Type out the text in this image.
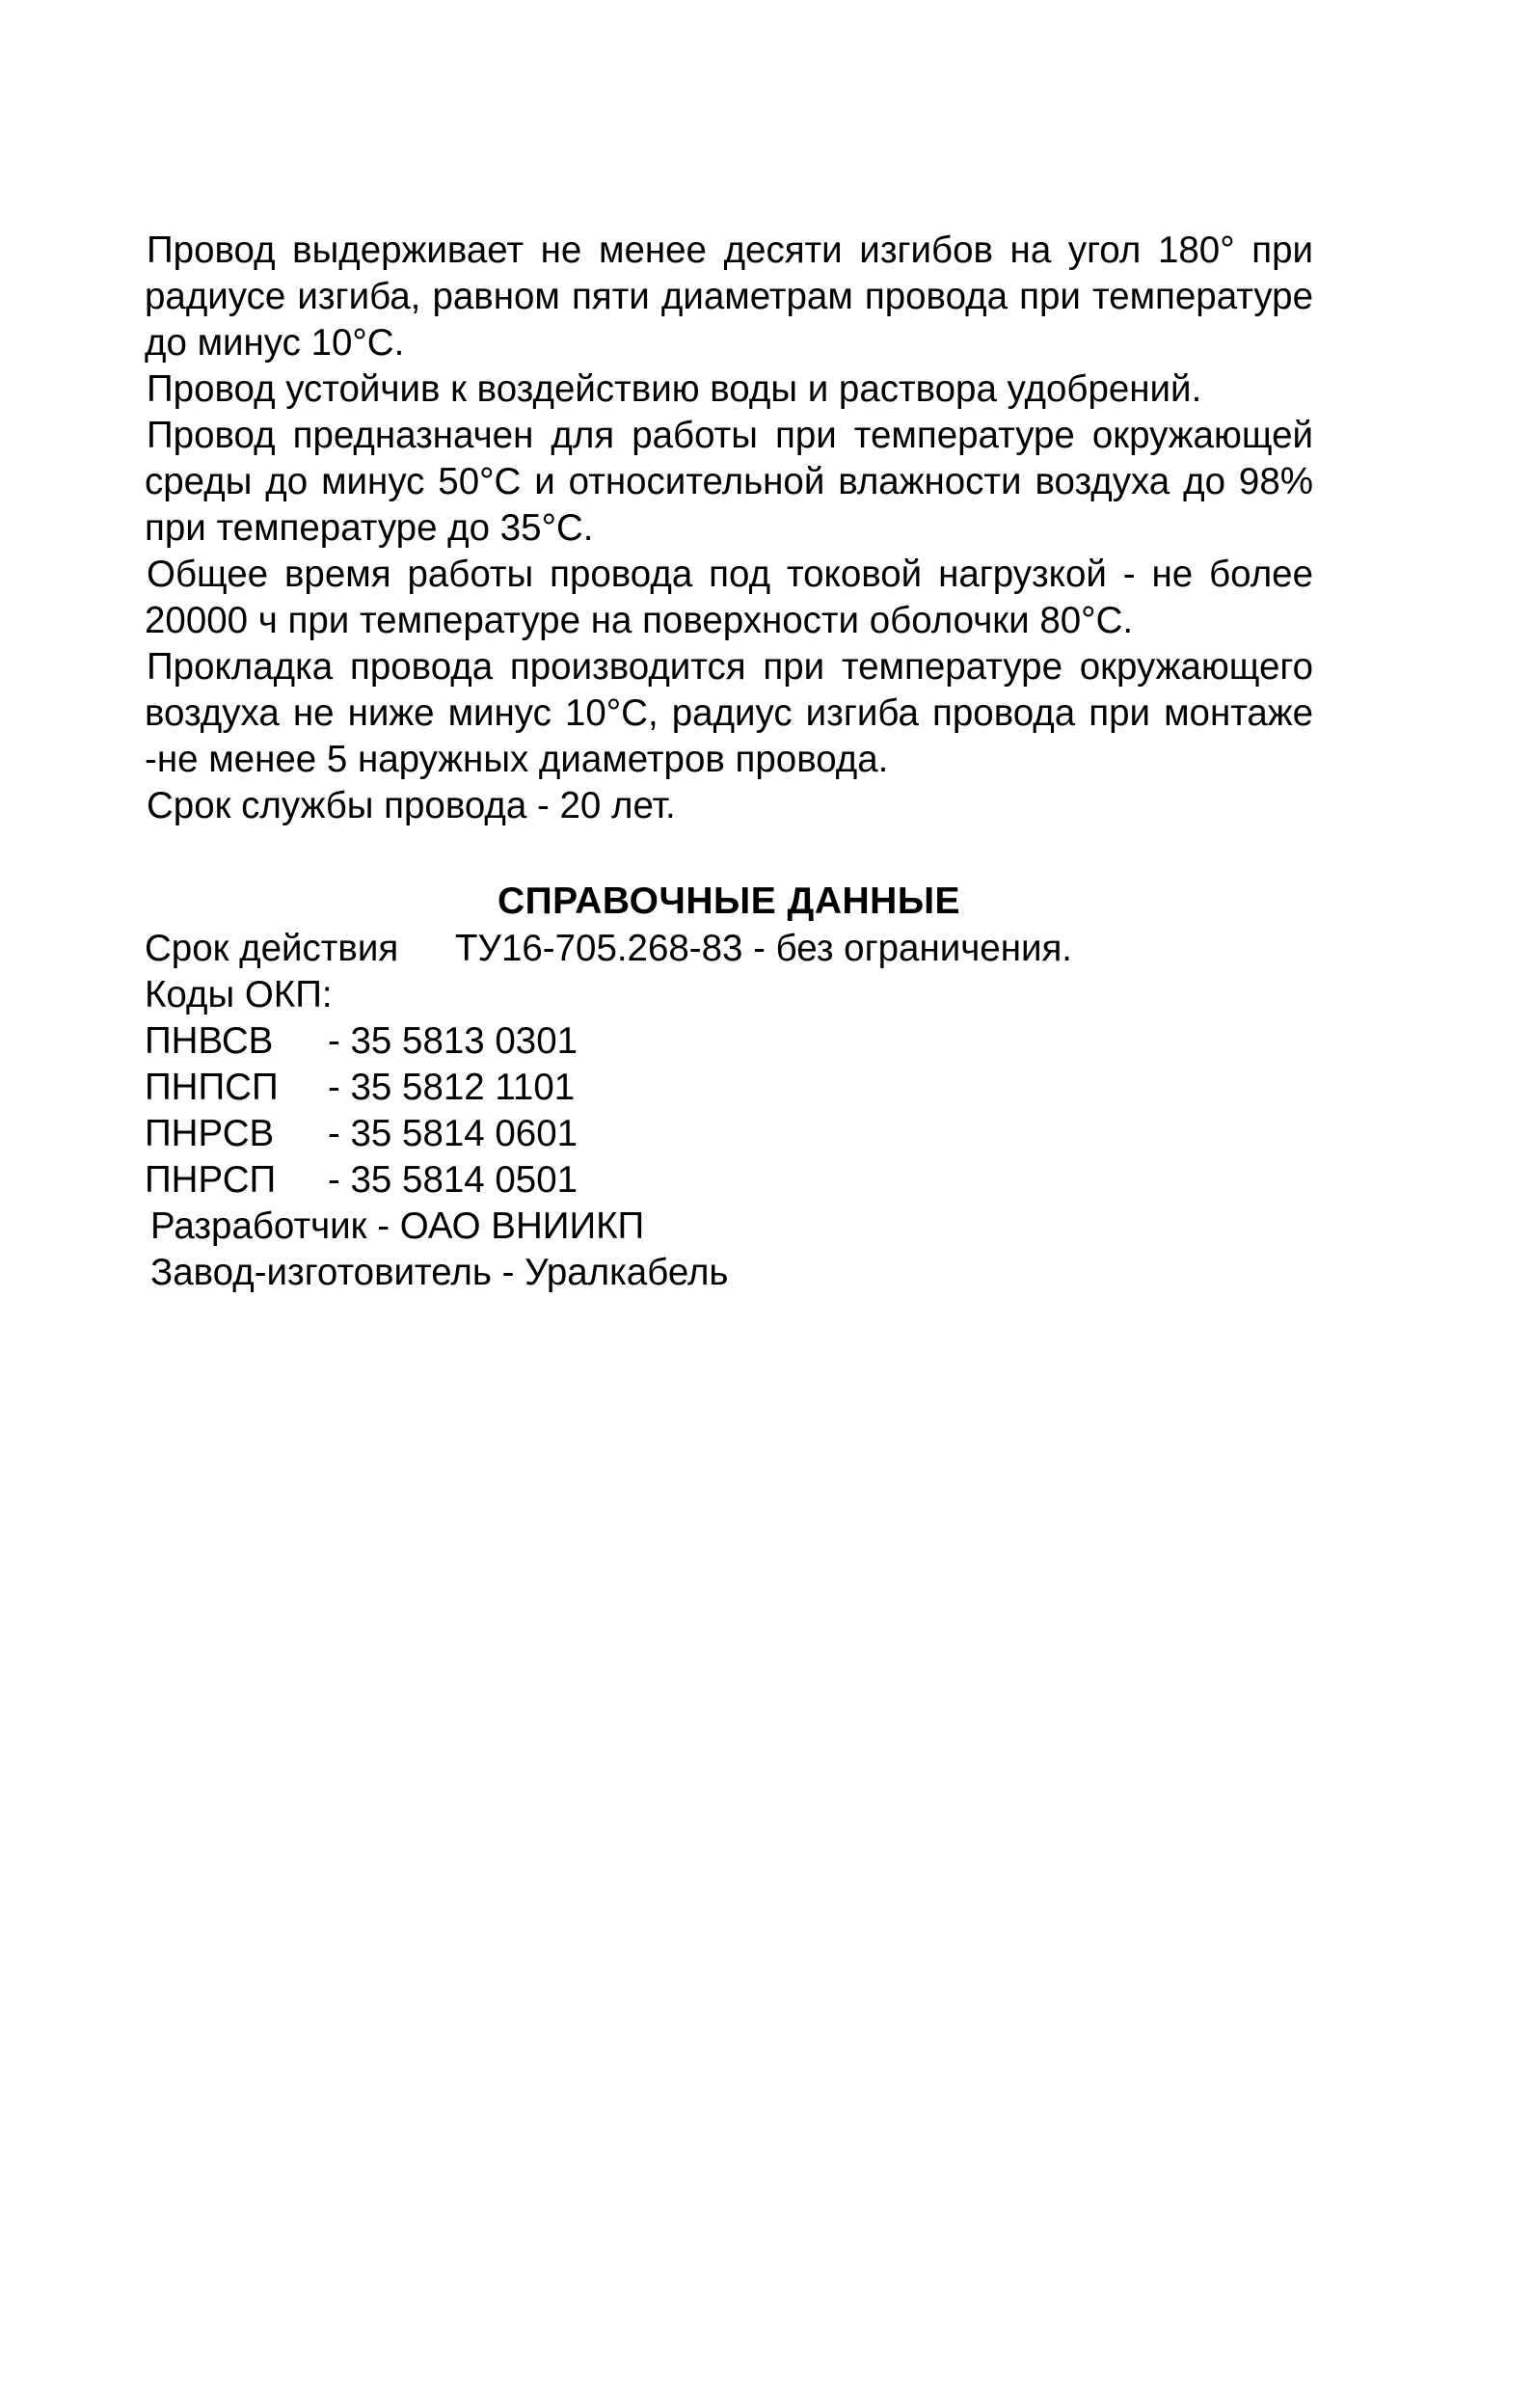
Провод выдерживает не менее десяти изгибов на угол 180° при радиусе изгиба, равном пяти диаметрам провода при температуре до минус 10°С.

Провод устойчив к воздействию воды и раствора удобрений.

Провод предназначен для работы при температуре окружающей среды до минус 50°С и относительной влажности воздуха до 98% при температуре до 35°С.

Общее время работы провода под токовой нагрузкой - не более 20000 ч при температуре на поверхности оболочки 80°С.

Прокладка провода производится при температуре окружающего воздуха не ниже минус 10°С, радиус изгиба провода при монтаже -не менее 5 наружных диаметров провода.

Срок службы провода - 20 лет.

СПРАВОЧНЫЕ ДАННЫЕ

Срок действия ТУ16-705.268-83 - без ограничения.

Коды ОКП:

ПНВСВ	- 35 5813 0301
ПНПСП	- 35 5812 1101
ПНРСВ	- 35 5814 0601
ПНРСП	- 35 5814 0501

Разработчик - ОАО ВНИИКП

Завод-изготовитель - Уралкабель
